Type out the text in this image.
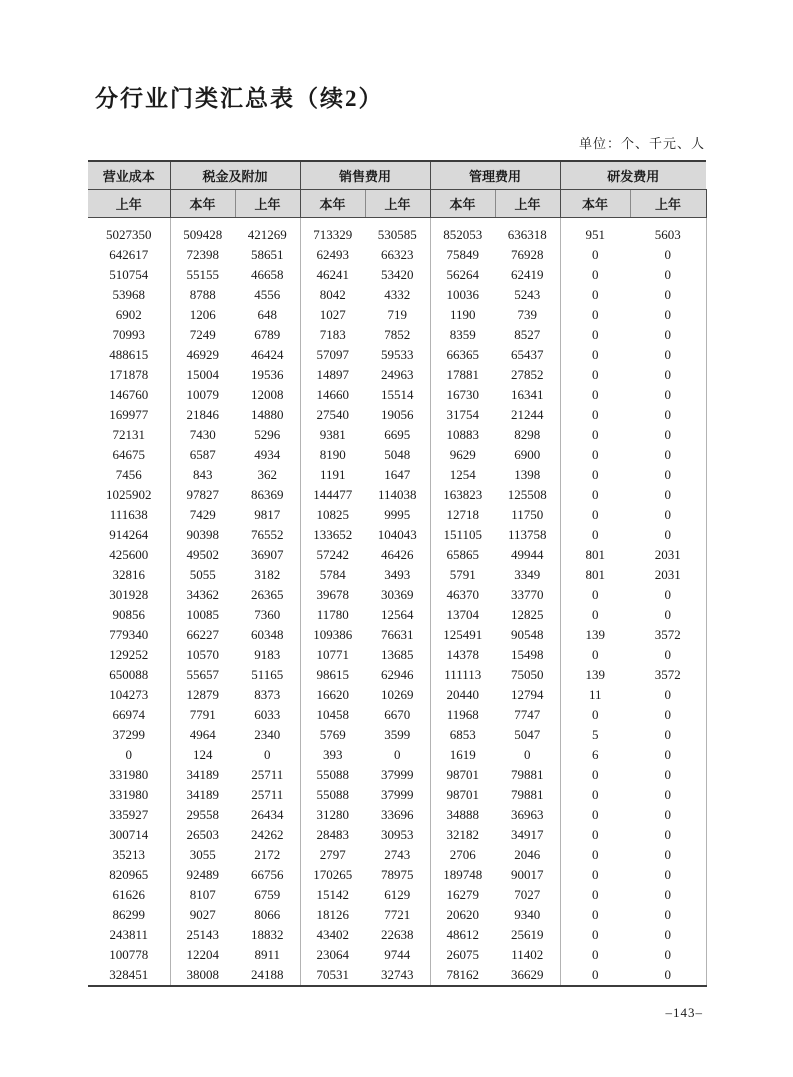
分行业门类汇总表（续2）
单位：个、千元、人
营业成本	税金及附加		销售费用		管理费用		研发费用	
上年	本年	上年	本年	上年	本年	上年	本年	上年
5027350	509428	421269	713329	530585	852053	636318	951	5603
642617	72398	58651	62493	66323	75849	76928	0	0
510754	55155	46658	46241	53420	56264	62419	0	0
53968	8788	4556	8042	4332	10036	5243	0	0
6902	1206	648	1027	719	1190	739	0	0
70993	7249	6789	7183	7852	8359	8527	0	0
488615	46929	46424	57097	59533	66365	65437	0	0
171878	15004	19536	14897	24963	17881	27852	0	0
146760	10079	12008	14660	15514	16730	16341	0	0
169977	21846	14880	27540	19056	31754	21244	0	0
72131	7430	5296	9381	6695	10883	8298	0	0
64675	6587	4934	8190	5048	9629	6900	0	0
7456	843	362	1191	1647	1254	1398	0	0
1025902	97827	86369	144477	114038	163823	125508	0	0
111638	7429	9817	10825	9995	12718	11750	0	0
914264	90398	76552	133652	104043	151105	113758	0	0
425600	49502	36907	57242	46426	65865	49944	801	2031
32816	5055	3182	5784	3493	5791	3349	801	2031
301928	34362	26365	39678	30369	46370	33770	0	0
90856	10085	7360	11780	12564	13704	12825	0	0
779340	66227	60348	109386	76631	125491	90548	139	3572
129252	10570	9183	10771	13685	14378	15498	0	0
650088	55657	51165	98615	62946	111113	75050	139	3572
104273	12879	8373	16620	10269	20440	12794	11	0
66974	7791	6033	10458	6670	11968	7747	0	0
37299	4964	2340	5769	3599	6853	5047	5	0
0	124	0	393	0	1619	0	6	0
331980	34189	25711	55088	37999	98701	79881	0	0
331980	34189	25711	55088	37999	98701	79881	0	0
335927	29558	26434	31280	33696	34888	36963	0	0
300714	26503	24262	28483	30953	32182	34917	0	0
35213	3055	2172	2797	2743	2706	2046	0	0
820965	92489	66756	170265	78975	189748	90017	0	0
61626	8107	6759	15142	6129	16279	7027	0	0
86299	9027	8066	18126	7721	20620	9340	0	0
243811	25143	18832	43402	22638	48612	25619	0	0
100778	12204	8911	23064	9744	26075	11402	0	0
328451	38008	24188	70531	32743	78162	36629	0	0
–143–
